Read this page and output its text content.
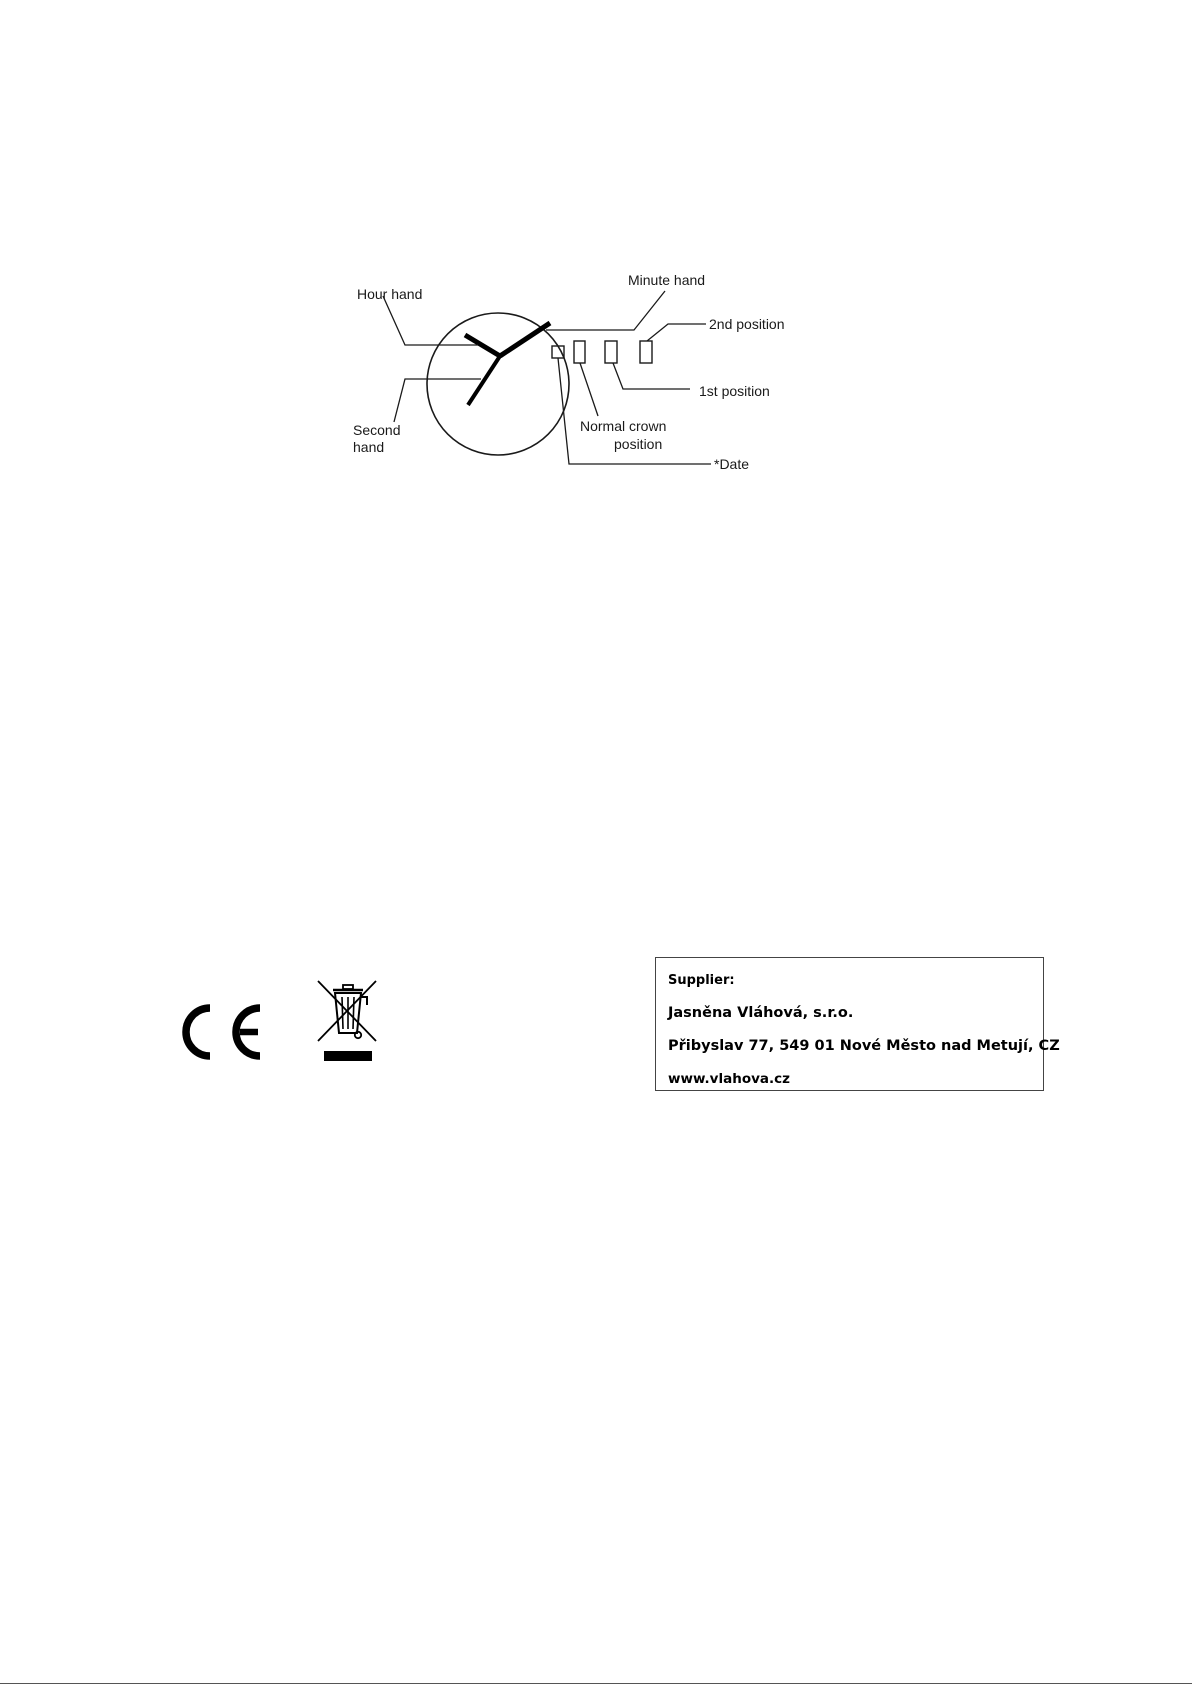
Hour hand
Minute hand
Second
hand
2nd position
1st position
Normal crown
position
*Date
Supplier:
Jasněna Vláhová, s.r.o.
Přibyslav 77, 549 01 Nové Město nad Metují, CZ
www.vlahova.cz
